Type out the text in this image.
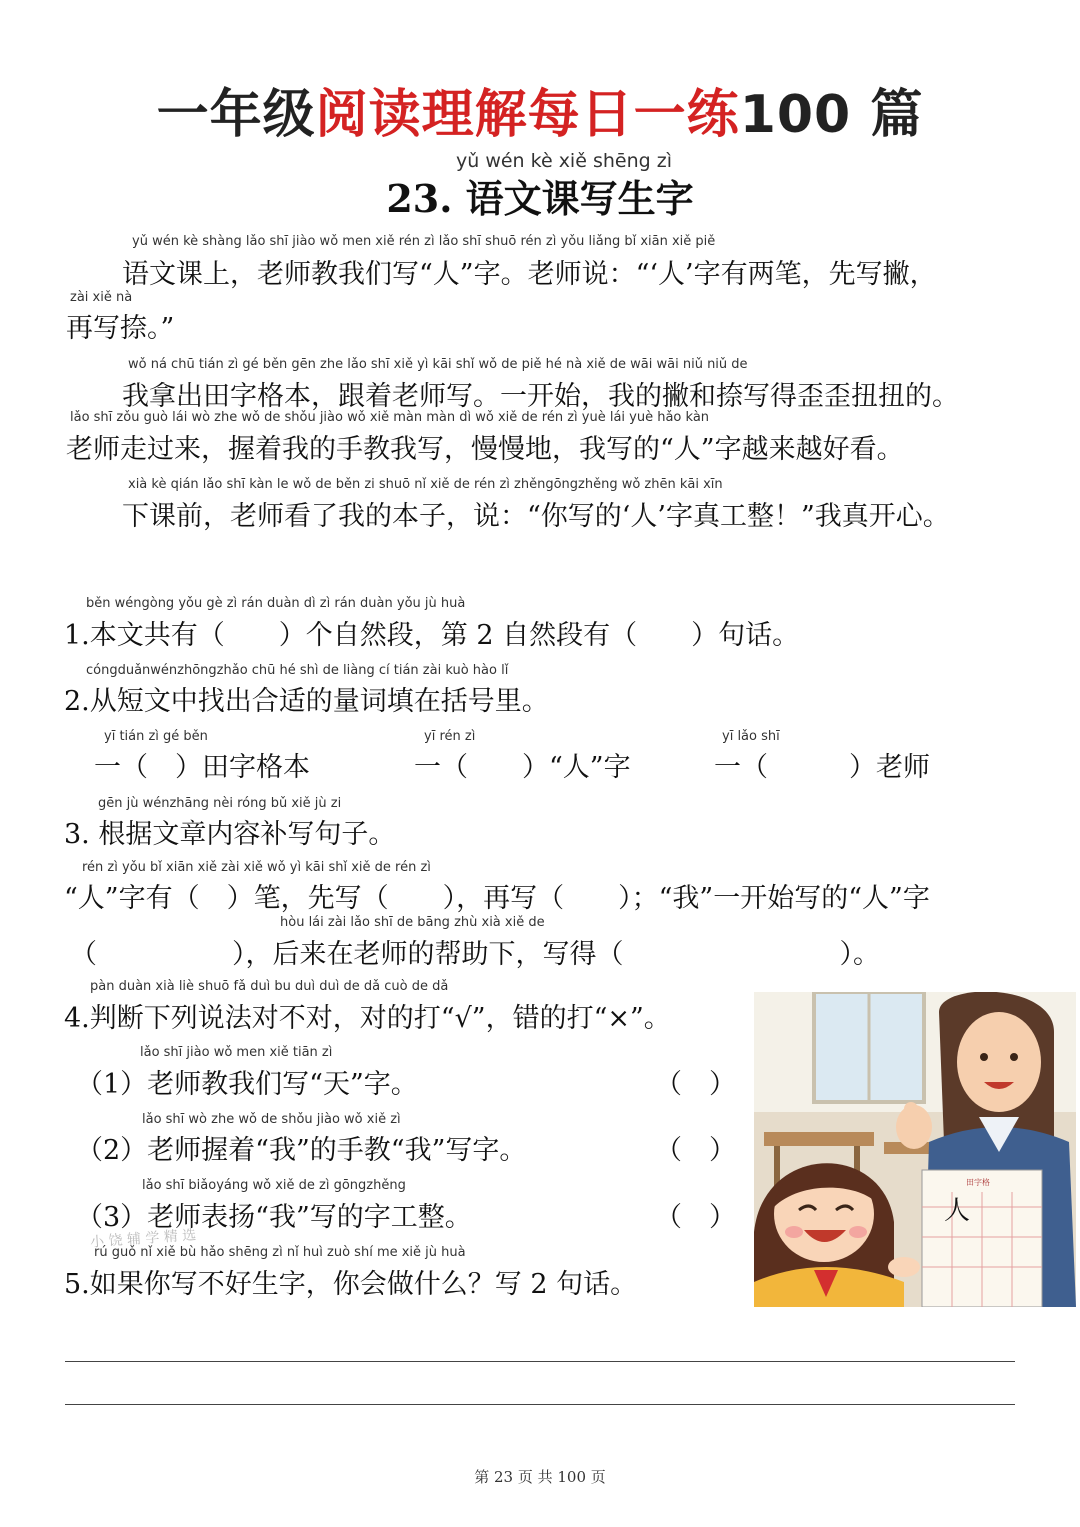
一年级阅读理解每日一练100 篇
yǔ wén kè xiě shēng zì
23. 语文课写生字
yǔ wén kè shàng lǎo shī jiào wǒ men xiě rén zì lǎo shī shuō rén zì yǒu liǎng bǐ xiān xiě piě
　　语文课上，老师教我们写“人”字。老师说：“‘人’字有两笔，先写撇，
zài xiě nà
再写捺。”
wǒ ná chū tián zì gé běn gēn zhe lǎo shī xiě yì kāi shǐ wǒ de piě hé nà xiě de wāi wāi niǔ niǔ de
　　我拿出田字格本，跟着老师写。一开始，我的撇和捺写得歪歪扭扭的。
lǎo shī zǒu guò lái wò zhe wǒ de shǒu jiào wǒ xiě màn màn dì wǒ xiě de rén zì yuè lái yuè hǎo kàn
老师走过来，握着我的手教我写，慢慢地，我写的“人”字越来越好看。
xià kè qián lǎo shī kàn le wǒ de běn zi shuō nǐ xiě de rén zì zhěngōngzhěng wǒ zhēn kāi xīn
　　下课前，老师看了我的本子，说：“你写的‘人’字真工整！”我真开心。
běn wéngòng yǒu gè zì rán duàn dì zì rán duàn yǒu jù huà
1.本文共有（　　）个自然段，第 2 自然段有（　　）句话。
cóngduǎnwénzhōngzhǎo chū hé shì de liàng cí tián zài kuò hào lǐ
2.从短文中找出合适的量词填在括号里。
yī tián zì gé běn
一（　）田字格本
yī rén zì
一（　　）“人”字
yī lǎo shī
一（　　　）老师
gēn jù wénzhāng nèi róng bǔ xiě jù zi
3. 根据文章内容补写句子。
rén zì yǒu bǐ xiān xiě zài xiě wǒ yì kāi shǐ xiě de rén zì
“人”字有（　）笔，先写（　　），再写（　　）；“我”一开始写的“人”字
hòu lái zài lǎo shī de bāng zhù xià xiě de
（　　　　　），后来在老师的帮助下，写得（　　　　　　　　）。
pàn duàn xià liè shuō fǎ duì bu duì duì de dǎ cuò de dǎ
4.判断下列说法对不对，对的打“√”，错的打“×”。
lǎo shī jiào wǒ men xiě tiān zì
（1）老师教我们写“天”字。	（　）
lǎo shī wò zhe wǒ de shǒu jiào wǒ xiě zì
（2）老师握着“我”的手教“我”写字。	（　）
lǎo shī biǎoyáng wǒ xiě de zì gōngzhěng
（3）老师表扬“我”写的字工整。	（　）
rú guǒ nǐ xiě bù hǎo shēng zì nǐ huì zuò shí me xiě jù huà
5.如果你写不好生字，你会做什么？写 2 句话。
小 饶 辅 学 精 选
人
田字格
第 23 页 共 100 页
